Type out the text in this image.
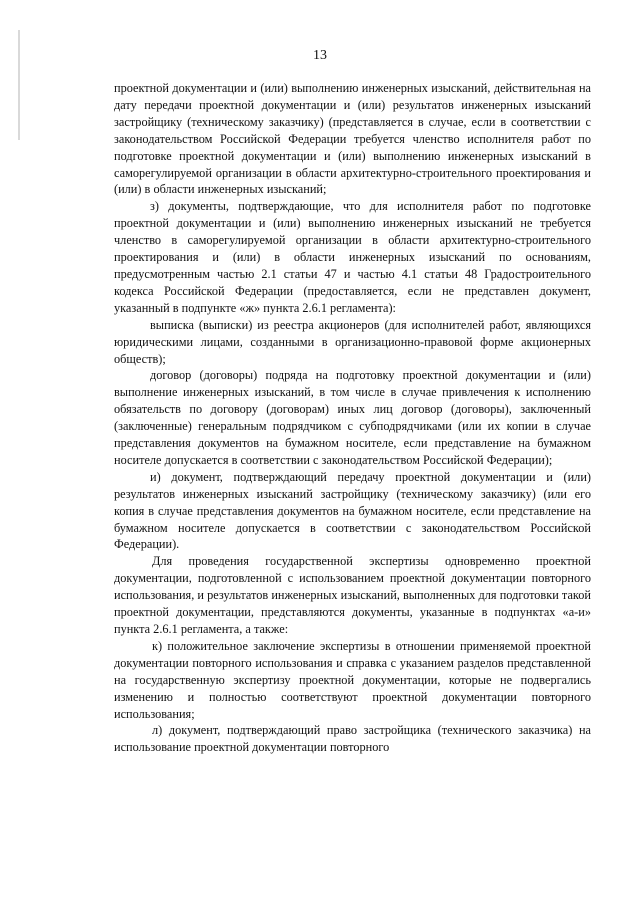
13

проектной документации и (или) выполнению инженерных изысканий, действительная на дату передачи проектной документации и (или) результатов инженерных изысканий застройщику (техническому заказчику) (представляется в случае, если в соответствии с законодательством Российской Федерации требуется членство исполнителя работ по подготовке проектной документации и (или) выполнению инженерных изысканий в саморегулируемой организации в области архитектурно-строительного проектирования и (или) в области инженерных изысканий;

з) документы, подтверждающие, что для исполнителя работ по подготовке проектной документации и (или) выполнению инженерных изысканий не требуется членство в саморегулируемой организации в области архитектурно-строительного проектирования и (или) в области инженерных изысканий по основаниям, предусмотренным частью 2.1 статьи 47 и частью 4.1 статьи 48 Градостроительного кодекса Российской Федерации (предоставляется, если не представлен документ, указанный в подпункте «ж» пункта 2.6.1 регламента):

выписка (выписки) из реестра акционеров (для исполнителей работ, являющихся юридическими лицами, созданными в организационно-правовой форме акционерных обществ);

договор (договоры) подряда на подготовку проектной документации и (или) выполнение инженерных изысканий, в том числе в случае привлечения к исполнению обязательств по договору (договорам) иных лиц договор (договоры), заключенный (заключенные) генеральным подрядчиком с субподрядчиками (или их копии в случае представления документов на бумажном носителе, если представление на бумажном носителе допускается в соответствии с законодательством Российской Федерации);

и) документ, подтверждающий передачу проектной документации и (или) результатов инженерных изысканий застройщику (техническому заказчику) (или его копия в случае представления документов на бумажном носителе, если представление на бумажном носителе допускается в соответствии с законодательством Российской Федерации).

Для проведения государственной экспертизы одновременно проектной документации, подготовленной с использованием проектной документации повторного использования, и результатов инженерных изысканий, выполненных для подготовки такой проектной документации, представляются документы, указанные в подпунктах «а-и» пункта 2.6.1 регламента, а также:

к) положительное заключение экспертизы в отношении применяемой проектной документации повторного использования и справка с указанием разделов представленной на государственную экспертизу проектной документации, которые не подвергались изменению и полностью соответствуют проектной документации повторного использования;

л) документ, подтверждающий право застройщика (технического заказчика) на использование проектной документации повторного
